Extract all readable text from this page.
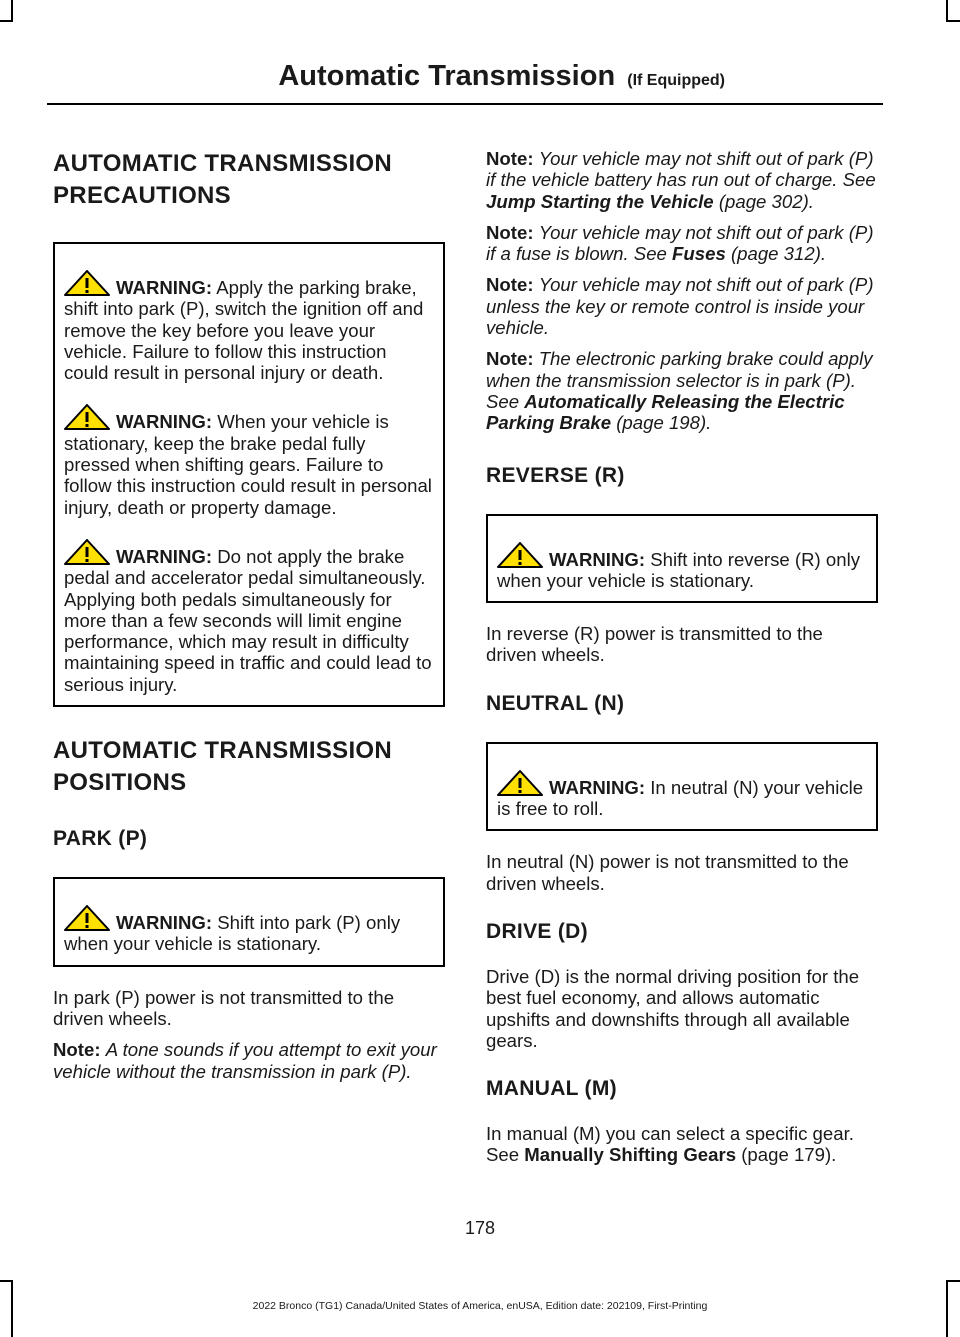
Automatic Transmission (If Equipped)
AUTOMATIC TRANSMISSION
PRECAUTIONS
WARNING: Apply the parking brake, shift into park (P), switch the ignition off and remove the key before you leave your vehicle. Failure to follow this instruction could result in personal injury or death.
WARNING: When your vehicle is stationary, keep the brake pedal fully pressed when shifting gears. Failure to follow this instruction could result in personal injury, death or property damage.
WARNING: Do not apply the brake pedal and accelerator pedal simultaneously. Applying both pedals simultaneously for more than a few seconds will limit engine performance, which may result in difficulty maintaining speed in traffic and could lead to serious injury.
AUTOMATIC TRANSMISSION
POSITIONS
PARK (P)
WARNING: Shift into park (P) only when your vehicle is stationary.

In park (P) power is not transmitted to the driven wheels.

Note: A tone sounds if you attempt to exit your vehicle without the transmission in park (P).

Note: Your vehicle may not shift out of park (P) if the vehicle battery has run out of charge. See Jump Starting the Vehicle (page 302).

Note: Your vehicle may not shift out of park (P) if a fuse is blown. See Fuses (page 312).

Note: Your vehicle may not shift out of park (P) unless the key or remote control is inside your vehicle.

Note: The electronic parking brake could apply when the transmission selector is in park (P). See Automatically Releasing the Electric Parking Brake (page 198).

REVERSE (R)
WARNING: Shift into reverse (R) only when your vehicle is stationary.

In reverse (R) power is transmitted to the driven wheels.

NEUTRAL (N)
WARNING: In neutral (N) your vehicle is free to roll.

In neutral (N) power is not transmitted to the driven wheels.

DRIVE (D)

Drive (D) is the normal driving position for the best fuel economy, and allows automatic upshifts and downshifts through all available gears.

MANUAL (M)

In manual (M) you can select a specific gear. See Manually Shifting Gears (page 179).

178
2022 Bronco (TG1) Canada/United States of America, enUSA, Edition date: 202109, First-Printing
